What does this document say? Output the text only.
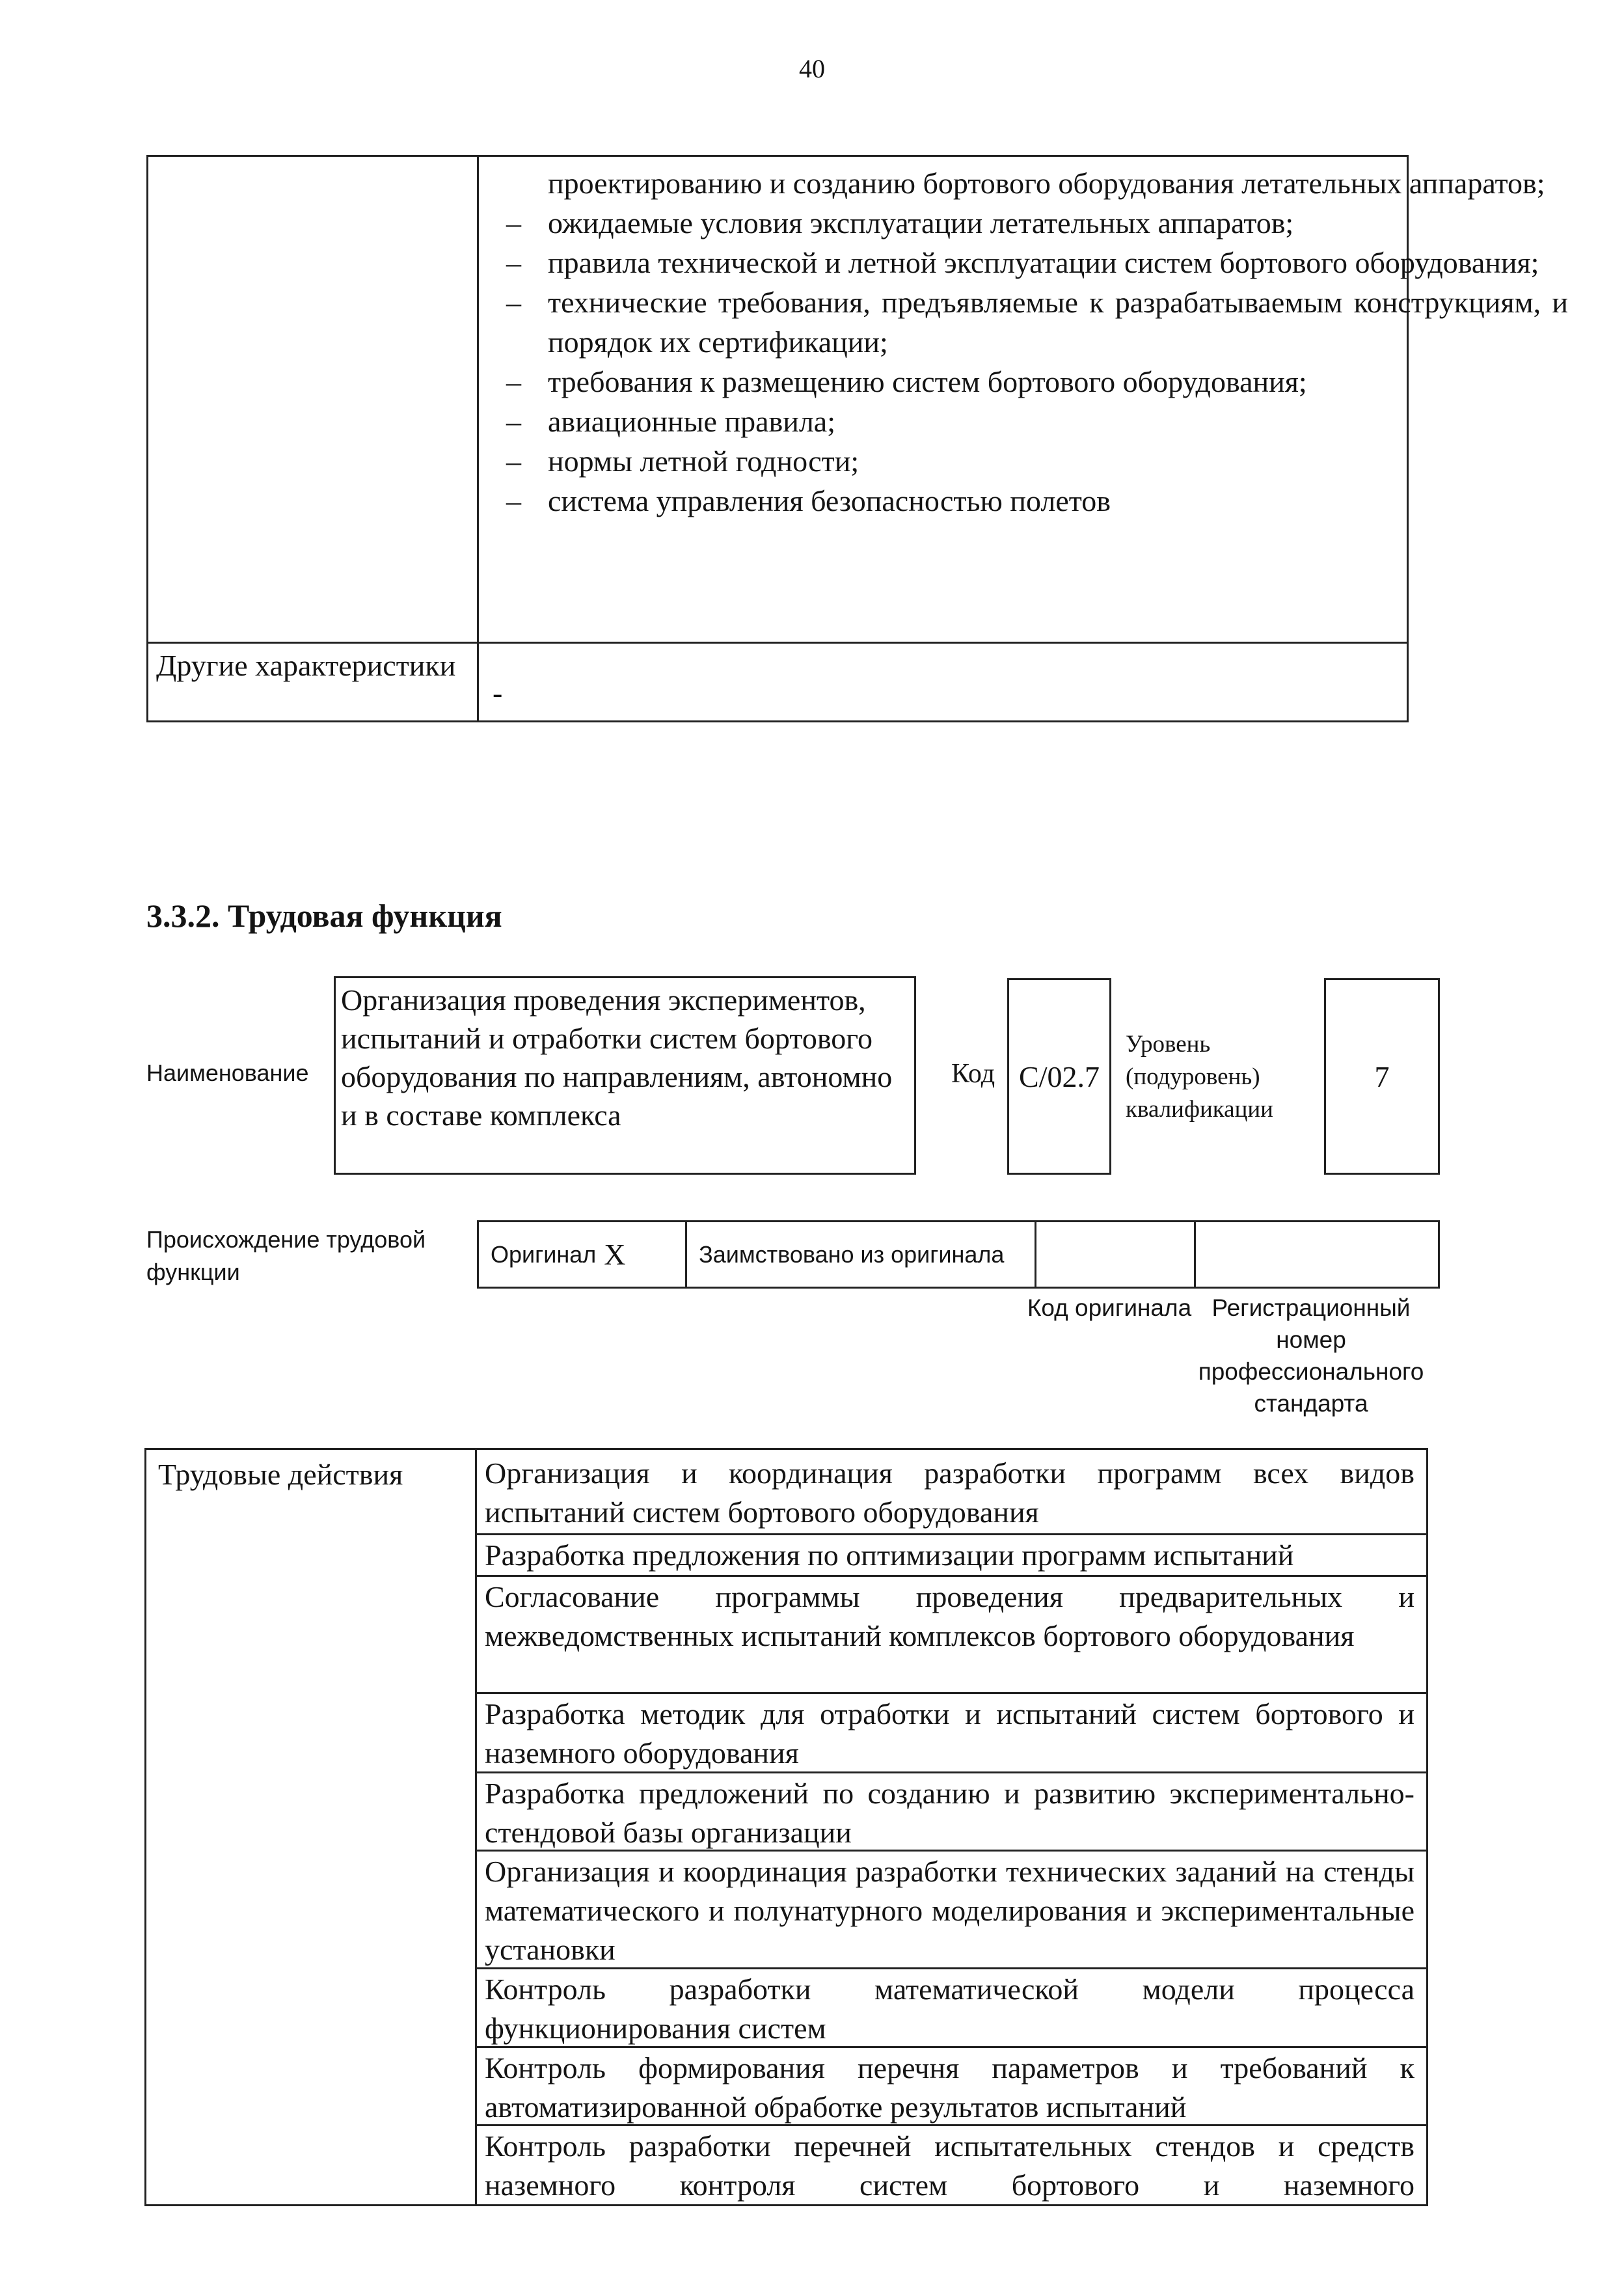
40
проектированию и созданию бортового оборудования летательных аппаратов;
– ожидаемые условия эксплуатации летательных аппаратов;
– правила технической и летной эксплуатации систем бортового оборудования;
– технические требования, предъявляемые к разрабатываемым конструкциям, и порядок их сертификации;
– требования к размещению систем бортового оборудования;
– авиационные правила;
– нормы летной годности;
– система управления безопасностью полетов
Другие характеристики
-
3.3.2. Трудовая функция
Наименование
Организация проведения экспериментов, испытаний и отработки систем бортового оборудования по направлениям, автономно и в составе комплекса
Код C/02.7
Уровень (подуровень) квалификации
7
Происхождение трудовой функции
Оригинал X	Заимствовано из оригинала
Код оригинала Регистрационный номер профессионального стандарта
Трудовые действия	Организация и координация разработки программ всех видов испытаний систем бортового оборудования
Разработка предложения по оптимизации программ испытаний
Согласование программы проведения предварительных и межведомственных испытаний комплексов бортового оборудования
Разработка методик для отработки и испытаний систем бортового и наземного оборудования
Разработка предложений по созданию и развитию экспериментально-стендовой базы организации
Организация и координация разработки технических заданий на стенды математического и полунатурного моделирования и экспериментальные установки
Контроль разработки математической модели процесса функционирования систем
Контроль формирования перечня параметров и требований к автоматизированной обработке результатов испытаний
Контроль разработки перечней испытательных стендов и средств наземного контроля систем бортового и наземного
